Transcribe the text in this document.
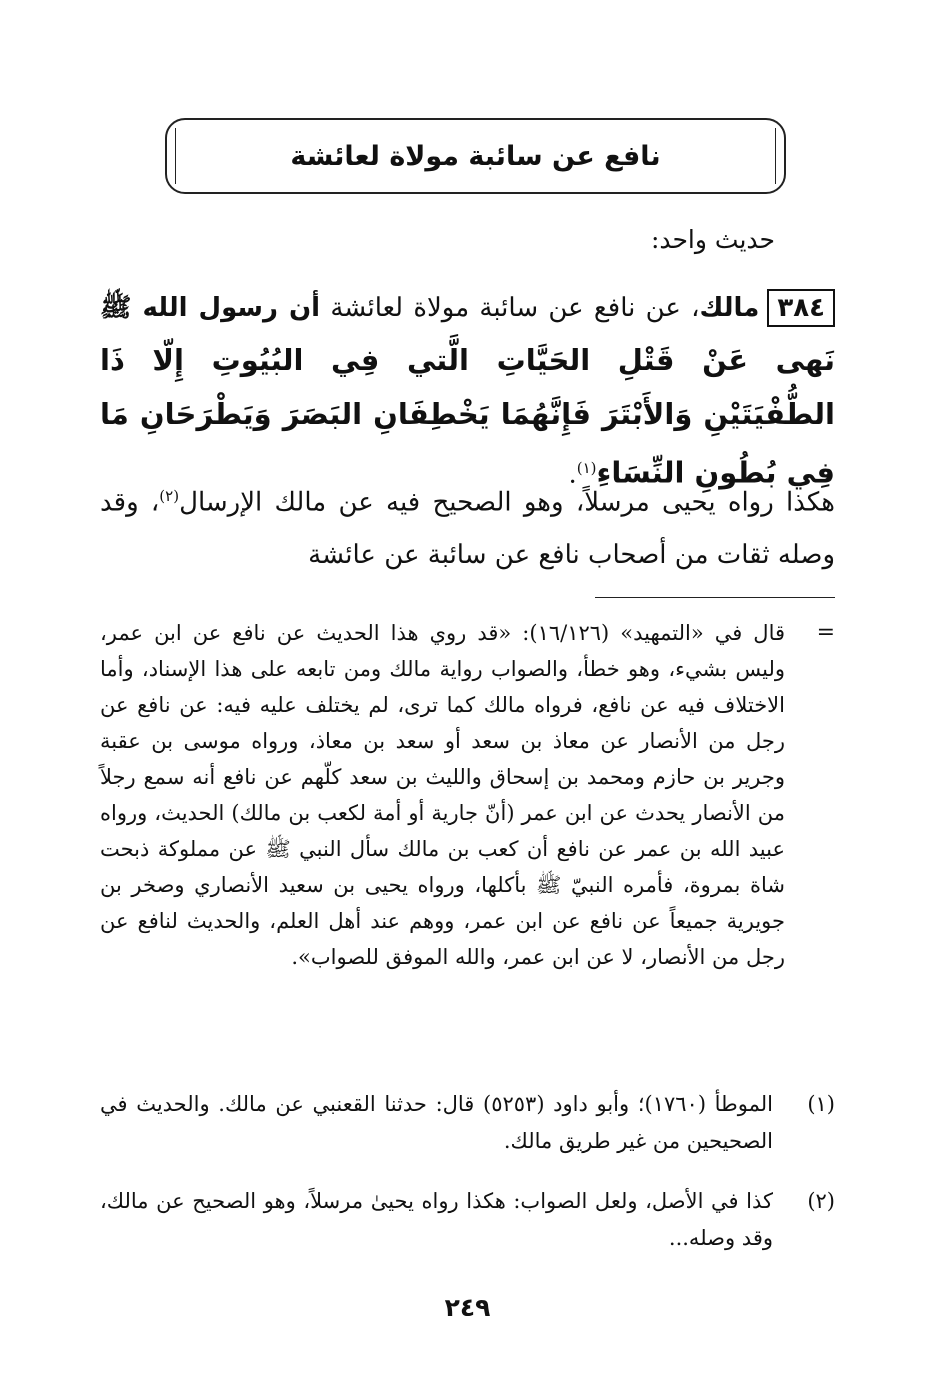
نافع عن سائبة مولاة لعائشة
حديث واحد:
٣٨٤مالك، عن نافع عن سائبة مولاة لعائشة أن رسول الله ﷺ نَهى عَنْ قَتْلِ الحَيَّاتِ الَّتي فِي البُيُوتِ إِلّا ذَا الطُّفْيَتَيْنِ وَالأَبْتَرَ فَإِنَّهُمَا يَخْطِفَانِ البَصَرَ وَيَطْرَحَانِ مَا فِي بُطُونِ النِّسَاءِ$^{(١)}$.
هكذا رواه يحيى مرسلاً، وهو الصحيح فيه عن مالك الإرسال$^{(٢)}$، وقد وصله ثقات من أصحاب نافع عن سائبة عن عائشة
=
قال في «التمهيد» (١٦/١٢٦): «قد روي هذا الحديث عن نافع عن ابن عمر، وليس بشيء، وهو خطأ، والصواب رواية مالك ومن تابعه على هذا الإسناد، وأما الاختلاف فيه عن نافع، فرواه مالك كما ترى، لم يختلف عليه فيه: عن نافع عن رجل من الأنصار عن معاذ بن سعد أو سعد بن معاذ، ورواه موسى بن عقبة وجرير بن حازم ومحمد بن إسحاق والليث بن سعد كلّهم عن نافع أنه سمع رجلاً من الأنصار يحدث عن ابن عمر (أنّ جارية أو أمة لكعب بن مالك) الحديث، ورواه عبيد الله بن عمر عن نافع أن كعب بن مالك سأل النبي ﷺ عن مملوكة ذبحت شاة بمروة، فأمره النبيّ ﷺ بأكلها، ورواه يحيى بن سعيد الأنصاري وصخر بن جويرية جميعاً عن نافع عن ابن عمر، ووهم عند أهل العلم، والحديث لنافع عن رجل من الأنصار، لا عن ابن عمر، والله الموفق للصواب».
(١)
الموطأ (١٧٦٠)؛ وأبو داود (٥٢٥٣) قال: حدثنا القعنبي عن مالك. والحديث في الصحيحين من غير طريق مالك.
(٢)
كذا في الأصل، ولعل الصواب: هكذا رواه يحيىٰ مرسلاً، وهو الصحيح عن مالك، وقد وصله...
٢٤٩
